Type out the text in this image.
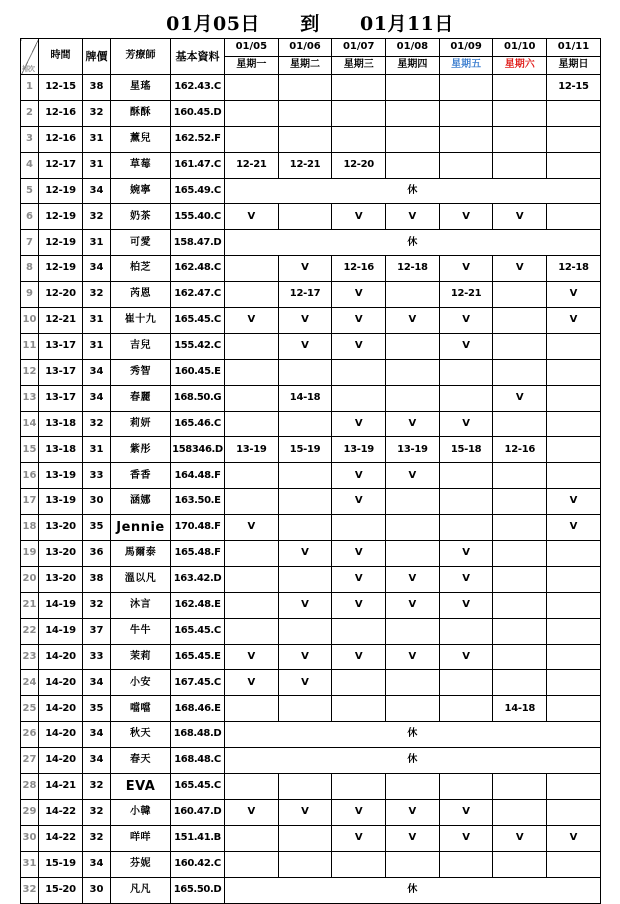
01月05日 到 01月11日
排次	時間	牌價	芳療師	基本資料	01/05	01/06	01/07	01/08	01/09	01/10	01/11
					星期一	星期二	星期三	星期四	星期五	星期六	星期日
1	12-15	38	星瑤	162.43.C							12-15
2	12-16	32	酥酥	160.45.D							
3	12-16	31	薰兒	162.52.F							
4	12-17	31	草莓	161.47.C	12-21	12-21	12-20				
5	12-19	34	婉寧	165.49.C	休						
6	12-19	32	奶茶	155.40.C	V		V	V	V	V	
7	12-19	31	可愛	158.47.D	休						
8	12-19	34	柏芝	162.48.C		V	12-16	12-18	V	V	12-18
9	12-20	32	芮恩	162.47.C		12-17	V		12-21		V
10	12-21	31	崔十九	165.45.C	V	V	V	V	V		V
11	13-17	31	吉兒	155.42.C		V	V		V		
12	13-17	34	秀智	160.45.E							
13	13-17	34	春麗	168.50.G		14-18				V	
14	13-18	32	莉妍	165.46.C			V	V	V		
15	13-18	31	紫彤	158346.D	13-19	15-19	13-19	13-19	15-18	12-16	
16	13-19	33	香香	164.48.F			V	V			
17	13-19	30	涵娜	163.50.E			V				V
18	13-20	35	Jennie	170.48.F	V						V
19	13-20	36	馬爾泰	165.48.F		V	V		V		
20	13-20	38	溫以凡	163.42.D			V	V	V		
21	14-19	32	沐言	162.48.E		V	V	V	V		
22	14-19	37	牛牛	165.45.C							
23	14-20	33	茉莉	165.45.E	V	V	V	V	V		
24	14-20	34	小安	167.45.C	V	V					
25	14-20	35	噹噹	168.46.E						14-18	
26	14-20	34	秋天	168.48.D	休						
27	14-20	34	春天	168.48.C	休						
28	14-21	32	EVA	165.45.C							
29	14-22	32	小韓	160.47.D	V	V	V	V	V		
30	14-22	32	咩咩	151.41.B			V	V	V	V	V
31	15-19	34	芬妮	160.42.C							
32	15-20	30	凡凡	165.50.D	休						
